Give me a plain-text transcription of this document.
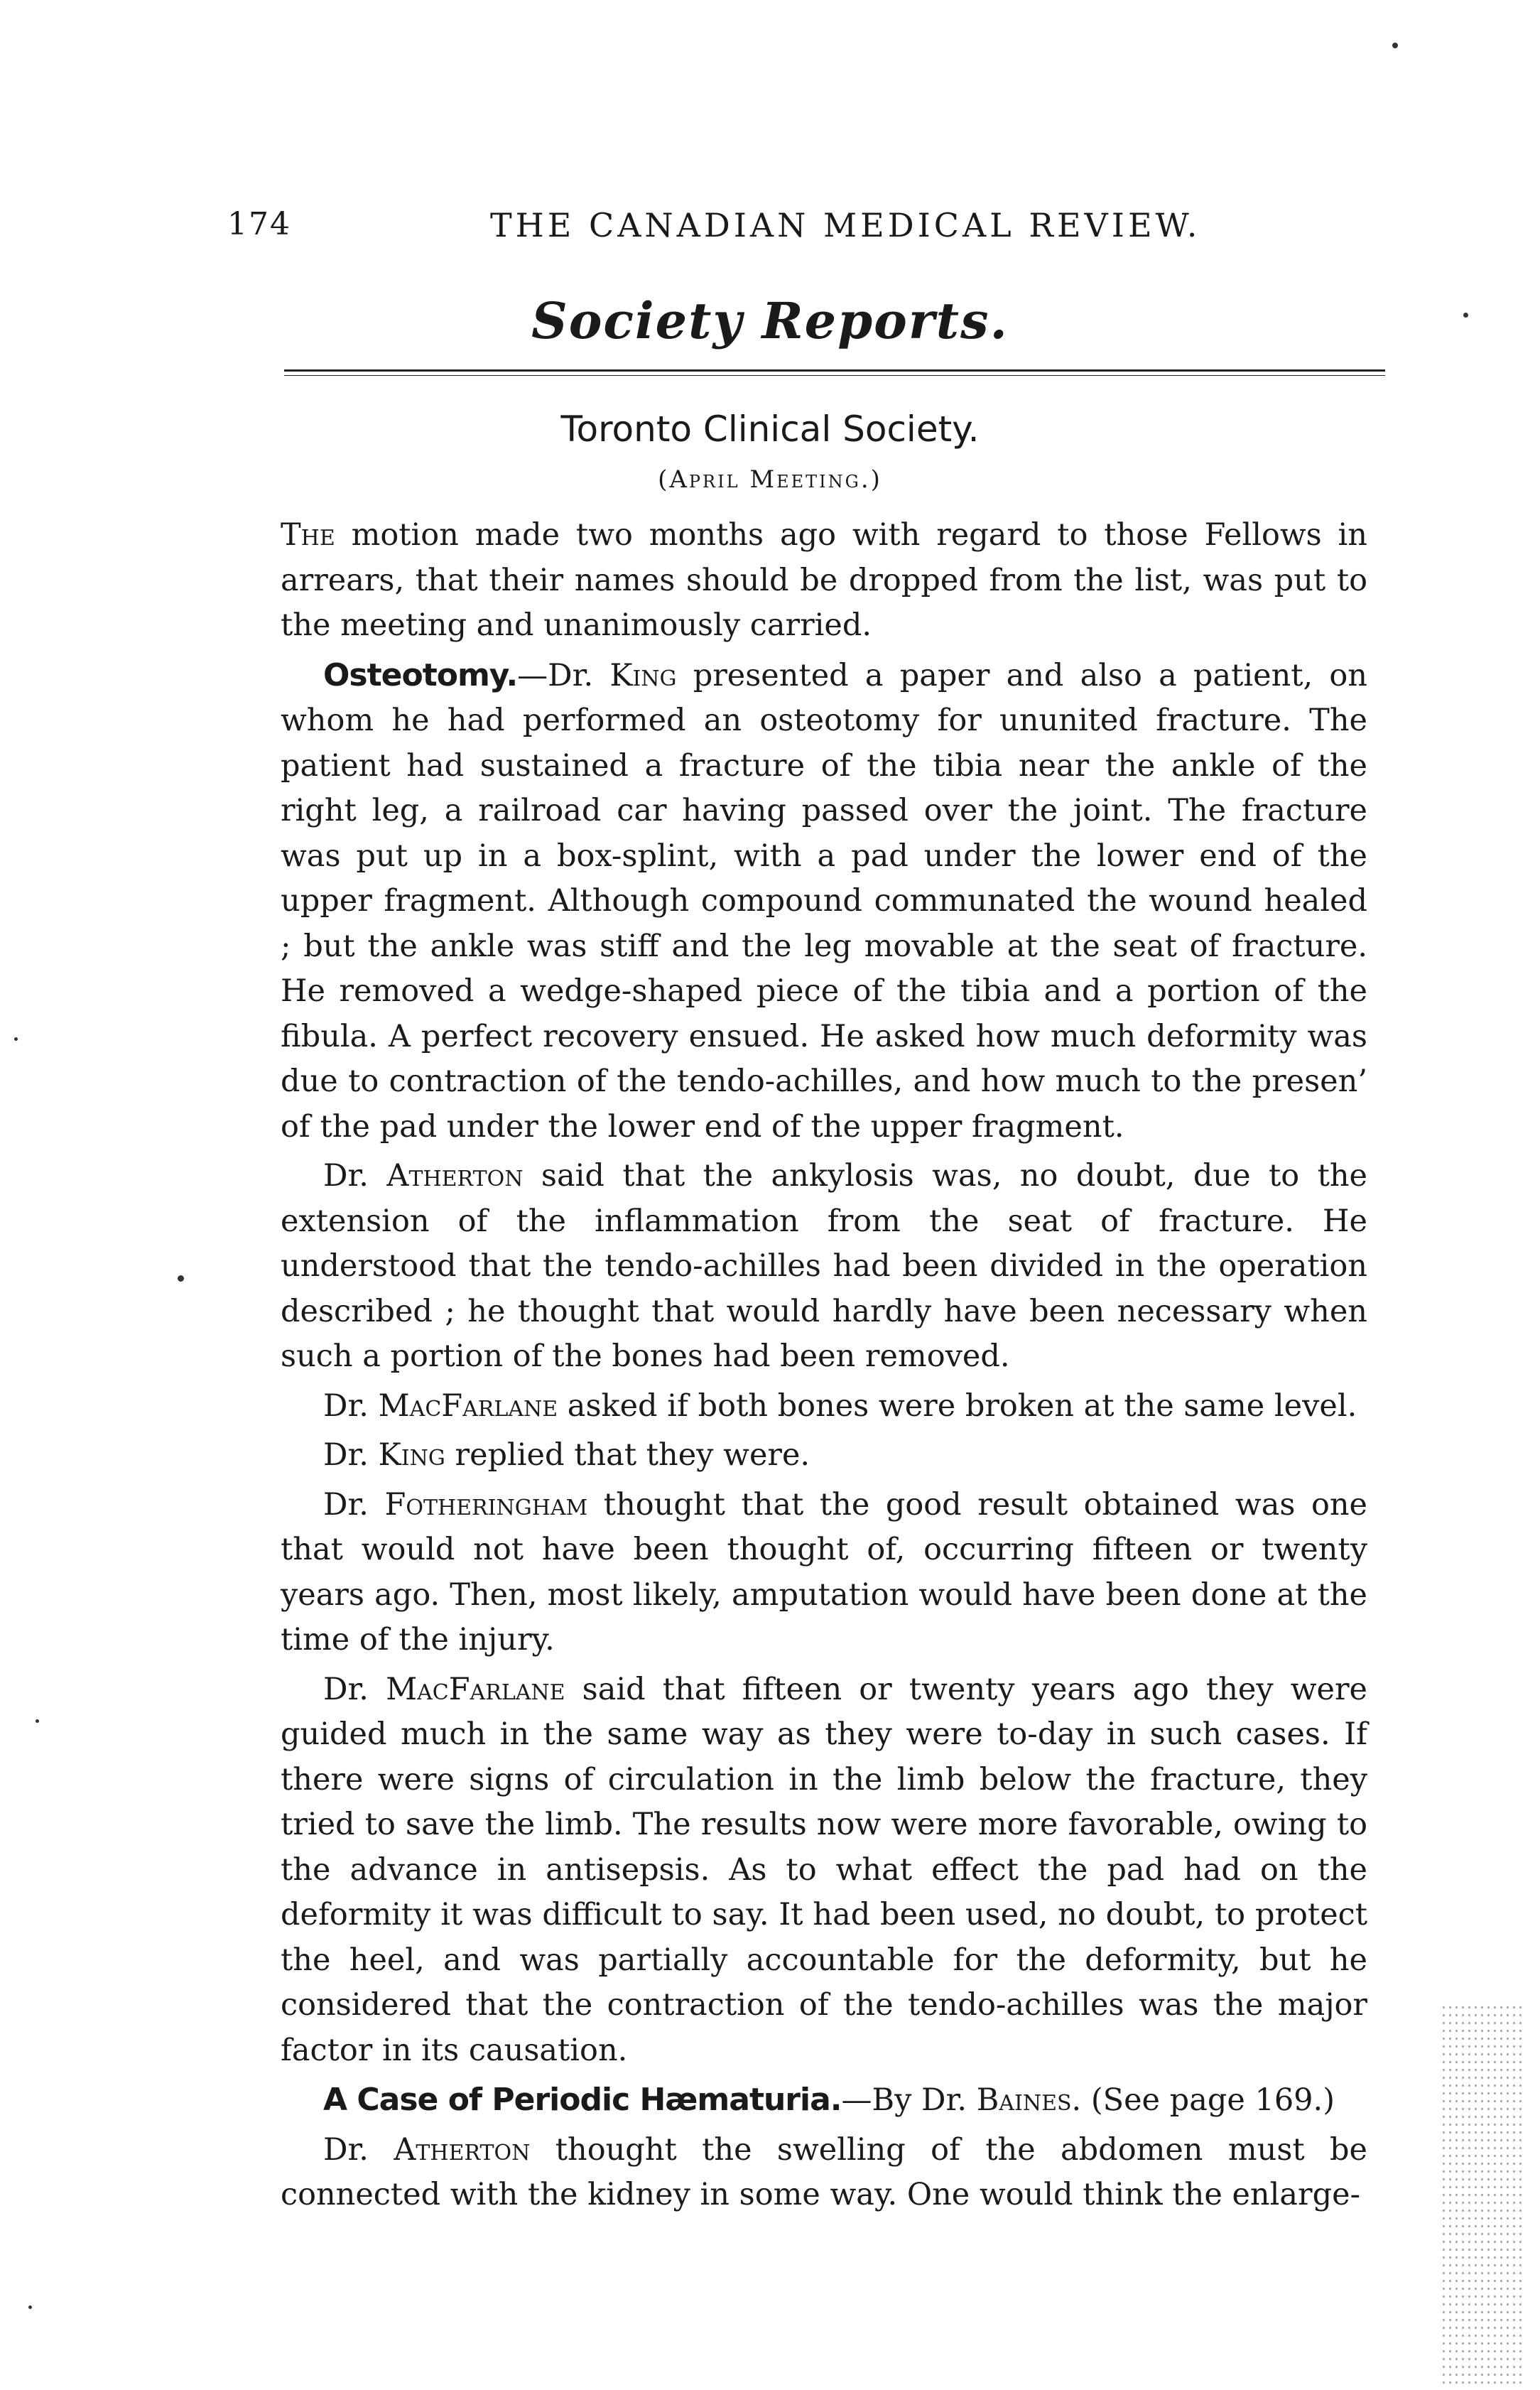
174	THE CANADIAN MEDICAL REVIEW.
Society Reports.
Toronto Clinical Society.
(April Meeting.)

The motion made two months ago with regard to those Fellows in arrears, that their names should be dropped from the list, was put to the meeting and unanimously carried.

Osteotomy.—Dr. King presented a paper and also a patient, on whom he had performed an osteotomy for ununited fracture. The patient had sustained a fracture of the tibia near the ankle of the right leg, a railroad car having passed over the joint. The fracture was put up in a box-splint, with a pad under the lower end of the upper fragment. Although compound communated the wound healed ; but the ankle was stiff and the leg movable at the seat of fracture. He removed a wedge-shaped piece of the tibia and a portion of the fibula. A perfect recovery ensued. He asked how much deformity was due to contraction of the tendo-achilles, and how much to the presen’ of the pad under the lower end of the upper fragment.

Dr. Atherton said that the ankylosis was, no doubt, due to the extension of the inflammation from the seat of fracture. He understood that the tendo-achilles had been divided in the operation described ; he thought that would hardly have been necessary when such a portion of the bones had been removed.

Dr. MacFarlane asked if both bones were broken at the same level.

Dr. King replied that they were.

Dr. Fotheringham thought that the good result obtained was one that would not have been thought of, occurring fifteen or twenty years ago. Then, most likely, amputation would have been done at the time of the injury.

Dr. MacFarlane said that fifteen or twenty years ago they were guided much in the same way as they were to-day in such cases. If there were signs of circulation in the limb below the fracture, they tried to save the limb. The results now were more favorable, owing to the advance in antisepsis. As to what effect the pad had on the deformity it was difficult to say. It had been used, no doubt, to protect the heel, and was partially accountable for the deformity, but he considered that the contraction of the tendo-achilles was the major factor in its causation.

A Case of Periodic Hæmaturia.—By Dr. Baines. (See page 169.)

Dr. Atherton thought the swelling of the abdomen must be connected with the kidney in some way. One would think the enlarge-
